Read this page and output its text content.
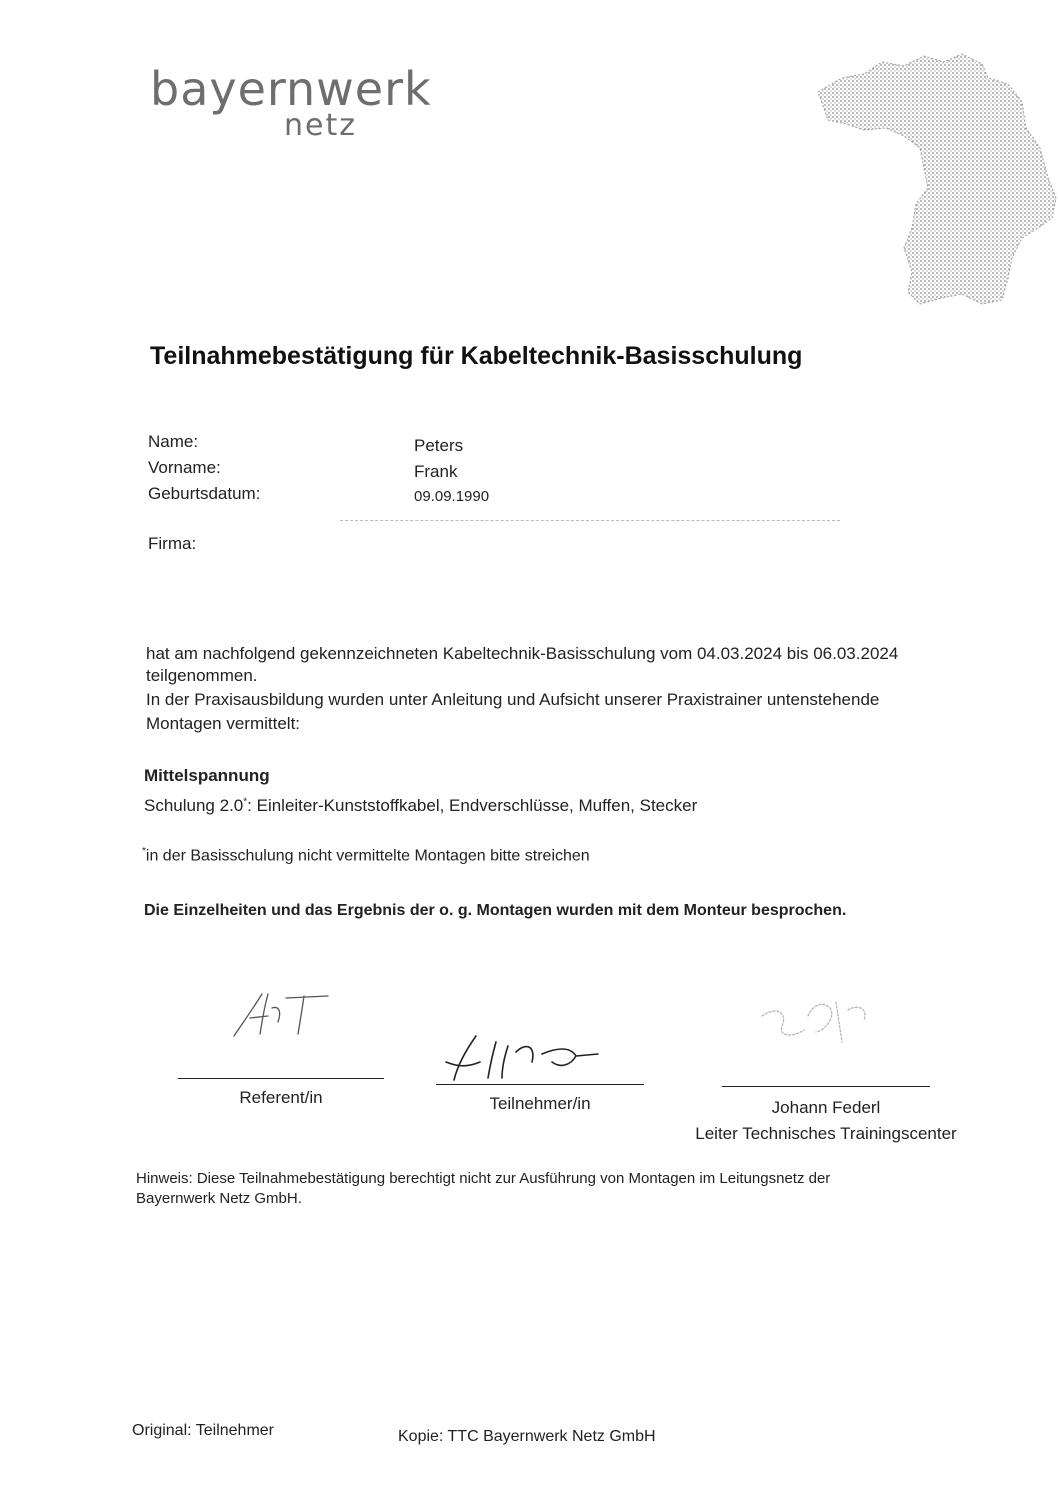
bayernwerk
netz
Teilnahmebestätigung für Kabeltechnik-Basisschulung
Name:	Peters
Vorname:	Frank
Geburtsdatum:	09.09.1990
Firma:
hat am nachfolgend gekennzeichneten Kabeltechnik-Basisschulung vom 04.03.2024 bis 06.03.2024
teilgenommen.
In der Praxisausbildung wurden unter Anleitung und Aufsicht unserer Praxistrainer untenstehende
Montagen vermittelt:
Mittelspannung
Schulung 2.0*: Einleiter-Kunststoffkabel, Endverschlüsse, Muffen, Stecker
*in der Basisschulung nicht vermittelte Montagen bitte streichen
Die Einzelheiten und das Ergebnis der o. g. Montagen wurden mit dem Monteur besprochen.
Referent/in	Teilnehmer/in	Johann Federl
Leiter Technisches Trainingscenter
Hinweis: Diese Teilnahmebestätigung berechtigt nicht zur Ausführung von Montagen im Leitungsnetz der
Bayernwerk Netz GmbH.
Original: Teilnehmer	Kopie: TTC Bayernwerk Netz GmbH
